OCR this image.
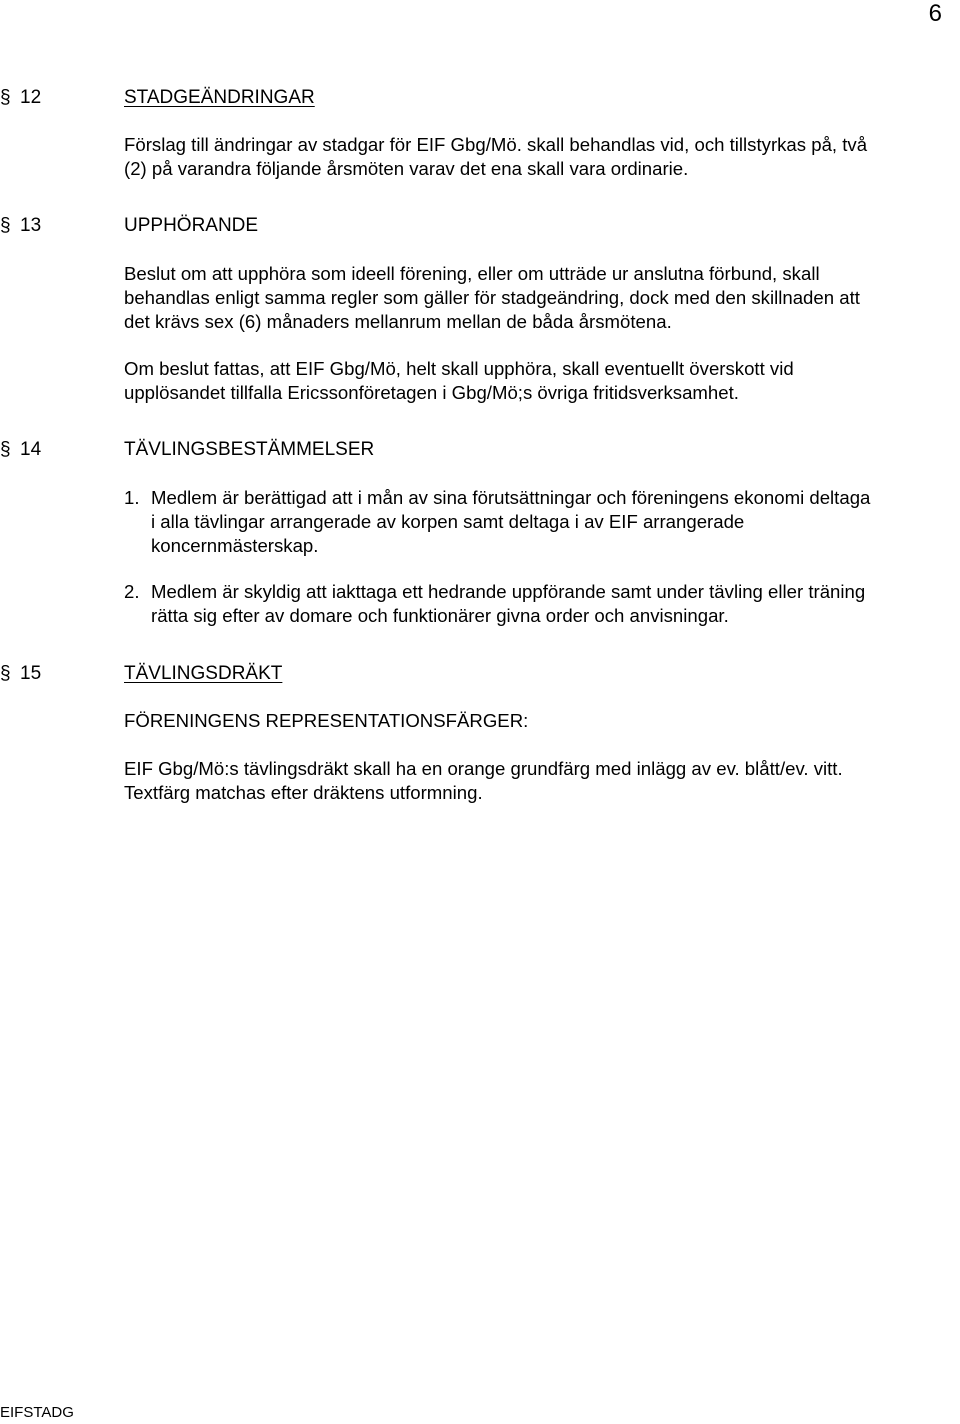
6
§ 12	STADGEÄNDRINGAR

Förslag till ändringar av stadgar för EIF Gbg/Mö. skall behandlas vid, och tillstyrkas på, två

(2) på varandra följande årsmöten varav det ena skall vara ordinarie.

§ 13	UPPHÖRANDE

Beslut om att upphöra som ideell förening, eller om utträde ur anslutna förbund, skall

behandlas enligt samma regler som gäller för stadgeändring, dock med den skillnaden att

det krävs sex (6) månaders mellanrum mellan de båda årsmötena.

Om beslut fattas, att EIF Gbg/Mö, helt skall upphöra, skall eventuellt överskott vid

upplösandet tillfalla Ericssonföretagen i Gbg/Mö;s övriga fritidsverksamhet.

§ 14	TÄVLINGSBESTÄMMELSER
1. Medlem är berättigad att i mån av sina förutsättningar och föreningens ekonomi deltaga
i alla tävlingar arrangerade av korpen samt deltaga i av EIF arrangerade
koncernmästerskap.
2. Medlem är skyldig att iakttaga ett hedrande uppförande samt under tävling eller träning
rätta sig efter av domare och funktionärer givna order och anvisningar.
§ 15	TÄVLINGSDRÄKT
FÖRENINGENS REPRESENTATIONSFÄRGER:

EIF Gbg/Mö:s tävlingsdräkt skall ha en orange grundfärg med inlägg av ev. blått/ev. vitt.

Textfärg matchas efter dräktens utformning.

EIFSTADG
